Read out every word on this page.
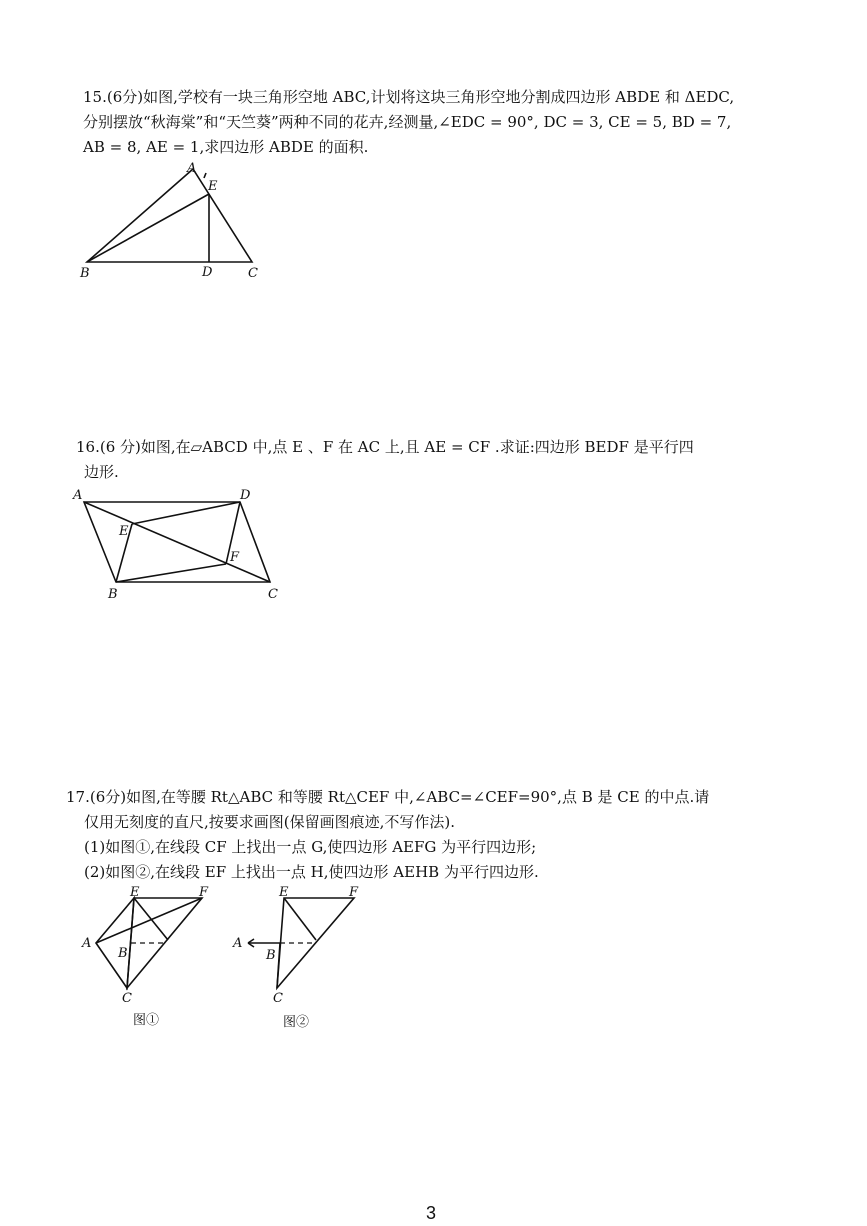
15.(6分)如图,学校有一块三角形空地 ABC,计划将这块三角形空地分割成四边形 ABDE 和 ΔEDC,
分别摆放“秋海棠”和“天竺葵”两种不同的花卉,经测量,∠EDC = 90°, DC = 3, CE = 5, BD = 7,
AB = 8, AE = 1,求四边形 ABDE 的面积.
A
E
B	D	C
16.(6 分)如图,在▱ABCD 中,点 E 、F 在 AC 上,且 AE = CF .求证:四边形 BEDF 是平行四
边形.
A	D
E
F
B	C
17.(6分)如图,在等腰 Rt△ABC 和等腰 Rt△CEF 中,∠ABC=∠CEF=90°,点 B 是 CE 的中点.请
仅用无刻度的直尺,按要求画图(保留画图痕迹,不写作法).
(1)如图①,在线段 CF 上找出一点 G,使四边形 AEFG 为平行四边形;
(2)如图②,在线段 EF 上找出一点 H,使四边形 AEHB 为平行四边形.
E	F
A
B
C
图①
E	F
A
B
C
图②
3
